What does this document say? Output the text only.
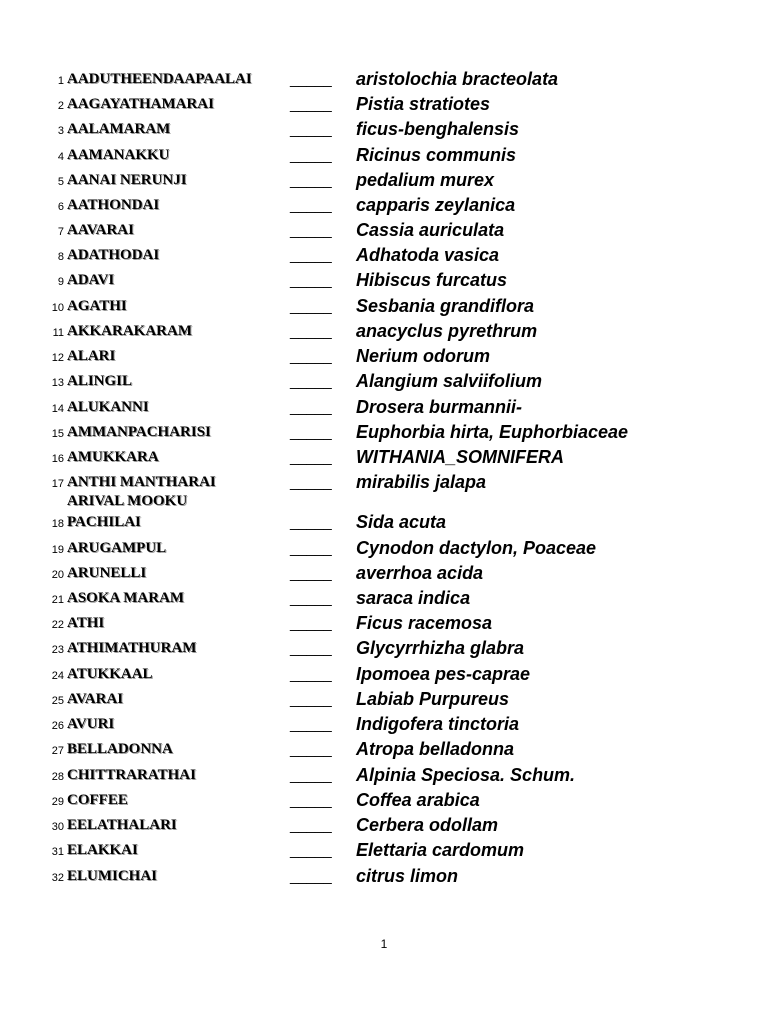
1 AADUTHEENDAAPAALAI	_____ aristolochia bracteolata
2 AAGAYATHAMARAI	_____ Pistia stratiotes
3 AALAMARAM	_____ ficus-benghalensis
4 AAMANAKKU	_____ Ricinus communis
5 AANAI NERUNJI	_____ pedalium murex
6 AATHONDAI	_____ capparis zeylanica
7 AAVARAI	_____ Cassia auriculata
8 ADATHODAI	_____ Adhatoda vasica
9 ADAVI	_____ Hibiscus furcatus
10 AGATHI	_____ Sesbania grandiflora
11 AKKARAKARAM	_____ anacyclus pyrethrum
12 ALARI	_____ Nerium odorum
13 ALINGIL	_____ Alangium salviifolium
14 ALUKANNI	_____ Drosera burmannii-
15 AMMANPACHARISI	_____ Euphorbia hirta, Euphorbiaceae
16 AMUKKARA	_____ WITHANIA_SOMNIFERA
17 ANTHI MANTHARAI	_____ mirabilis jalapa
ARIVAL MOOKU
18 PACHILAI	_____ Sida acuta
19 ARUGAMPUL	_____ Cynodon dactylon, Poaceae
20 ARUNELLI	_____ averrhoa acida
21 ASOKA MARAM	_____ saraca indica
22 ATHI	_____ Ficus racemosa
23 ATHIMATHURAM	_____ Glycyrrhizha glabra
24 ATUKKAAL	_____ Ipomoea pes-caprae
25 AVARAI	_____ Labiab Purpureus
26 AVURI	_____ Indigofera tinctoria
27 BELLADONNA	_____ Atropa belladonna
28 CHITTRARATHAI	_____ Alpinia Speciosa. Schum.
29 COFFEE	_____ Coffea arabica
30 EELATHALARI	_____ Cerbera odollam
31 ELAKKAI	_____ Elettaria cardomum
32 ELUMICHAI	_____ citrus limon
1
